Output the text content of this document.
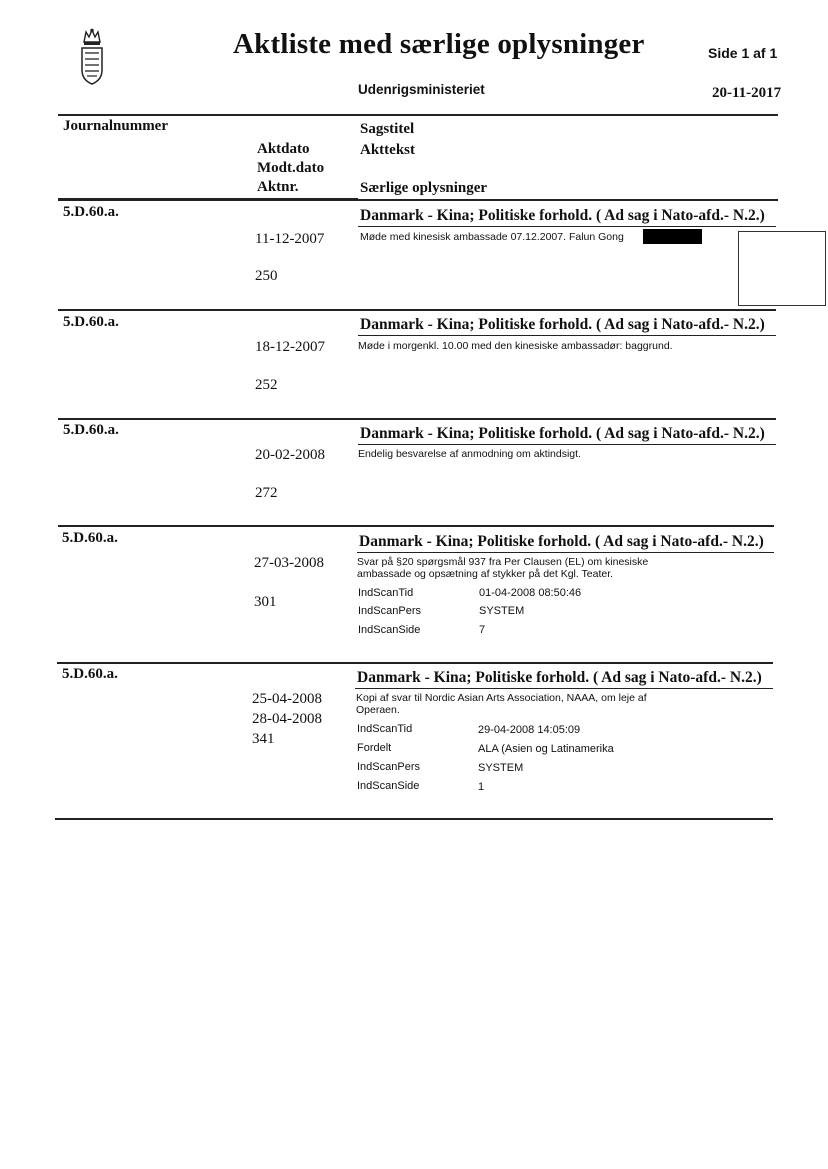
Aktliste med særlige oplysninger	Side 1 af 1
Udenrigsministeriet	20-11-2017
Journalnummer	Sagstitel
Aktdato	Akttekst
Modt.dato
Aktnr.	Særlige oplysninger
5.D.60.a.	Danmark - Kina; Politiske forhold. ( Ad sag i Nato-afd.- N.2.)
Møde med kinesisk ambassade 07.12.2007. Falun Gong
11-12-2007
250
5.D.60.a.	Danmark - Kina; Politiske forhold. ( Ad sag i Nato-afd.- N.2.)
Møde i morgenkl. 10.00 med den kinesiske ambassadør: baggrund.
18-12-2007
252
5.D.60.a.	Danmark - Kina; Politiske forhold. ( Ad sag i Nato-afd.- N.2.)
Endelig besvarelse af anmodning om aktindsigt.
20-02-2008
272
5.D.60.a.	Danmark - Kina; Politiske forhold. ( Ad sag i Nato-afd.- N.2.)
Svar på §20 spørgsmål 937 fra Per Clausen (EL) om kinesiske
ambassade og opsætning af stykker på det Kgl. Teater.
27-03-2008
301
IndScanTid	01-04-2008 08:50:46
IndScanPers	SYSTEM
IndScanSide	7
5.D.60.a.	Danmark - Kina; Politiske forhold. ( Ad sag i Nato-afd.- N.2.)
Kopi af svar til Nordic Asian Arts Association, NAAA, om leje af
Operaen.
25-04-2008
28-04-2008
341
IndScanTid	29-04-2008 14:05:09
Fordelt	ALA (Asien og Latinamerika
IndScanPers	SYSTEM
IndScanSide	1
